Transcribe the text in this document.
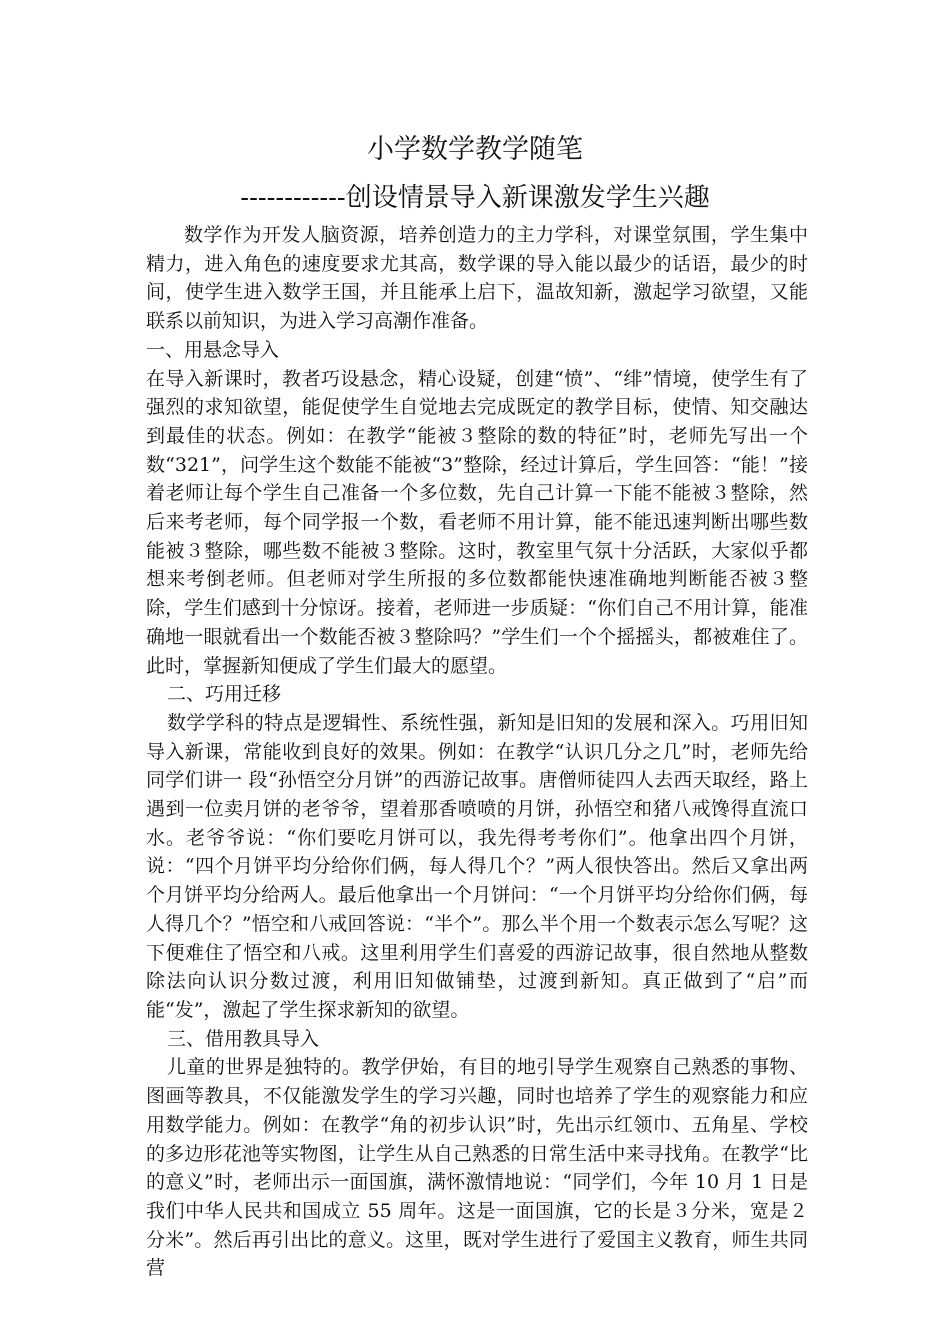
小学数学教学随笔
------------创设情景导入新课激发学生兴趣

数学作为开发人脑资源，培养创造力的主力学科，对课堂氛围，学生集中精力，进入角色的速度要求尤其高，数学课的导入能以最少的话语，最少的时间，使学生进入数学王国，并且能承上启下，温故知新，激起学习欲望，又能联系以前知识，为进入学习高潮作准备。

一、用悬念导入

在导入新课时，教者巧设悬念，精心设疑，创建“愤”、“绯”情境，使学生有了强烈的求知欲望，能促使学生自觉地去完成既定的教学目标，使情、知交融达到最佳的状态。例如：在教学“能被３整除的数的特征”时，老师先写出一个数“321”，问学生这个数能不能被“3”整除，经过计算后，学生回答：“能！”接着老师让每个学生自己准备一个多位数，先自己计算一下能不能被３整除，然后来考老师，每个同学报一个数，看老师不用计算，能不能迅速判断出哪些数能被３整除，哪些数不能被３整除。这时，教室里气氛十分活跃，大家似乎都想来考倒老师。但老师对学生所报的多位数都能快速准确地判断能否被３整除，学生们感到十分惊讶。接着，老师进一步质疑：“你们自己不用计算，能准确地一眼就看出一个数能否被３整除吗？”学生们一个个摇摇头，都被难住了。此时，掌握新知便成了学生们最大的愿望。

二、巧用迁移

数学学科的特点是逻辑性、系统性强，新知是旧知的发展和深入。巧用旧知导入新课，常能收到良好的效果。例如：在教学“认识几分之几”时，老师先给同学们讲一 段“孙悟空分月饼”的西游记故事。唐僧师徒四人去西天取经，路上遇到一位卖月饼的老爷爷，望着那香喷喷的月饼，孙悟空和猪八戒馋得直流口水。老爷爷说：“你们要吃月饼可以，我先得考考你们”。他拿出四个月饼，说：“四个月饼平均分给你们俩，每人得几个？”两人很快答出。然后又拿出两个月饼平均分给两人。最后他拿出一个月饼问：“一个月饼平均分给你们俩，每人得几个？”悟空和八戒回答说：“半个”。那么半个用一个数表示怎么写呢？这下便难住了悟空和八戒。这里利用学生们喜爱的西游记故事，很自然地从整数除法向认识分数过渡，利用旧知做铺垫，过渡到新知。真正做到了“启”而能“发”，激起了学生探求新知的欲望。

三、借用教具导入

儿童的世界是独特的。教学伊始，有目的地引导学生观察自己熟悉的事物、图画等教具，不仅能激发学生的学习兴趣，同时也培养了学生的观察能力和应用数学能力。例如：在教学“角的初步认识”时，先出示红领巾、五角星、学校的多边形花池等实物图，让学生从自己熟悉的日常生活中来寻找角。在教学“比的意义”时，老师出示一面国旗，满怀激情地说：“同学们，今年 10 月 1 日是我们中华人民共和国成立 55 周年。这是一面国旗，它的长是３分米，宽是２分米”。然后再引出比的意义。这里，既对学生进行了爱国主义教育，师生共同营
